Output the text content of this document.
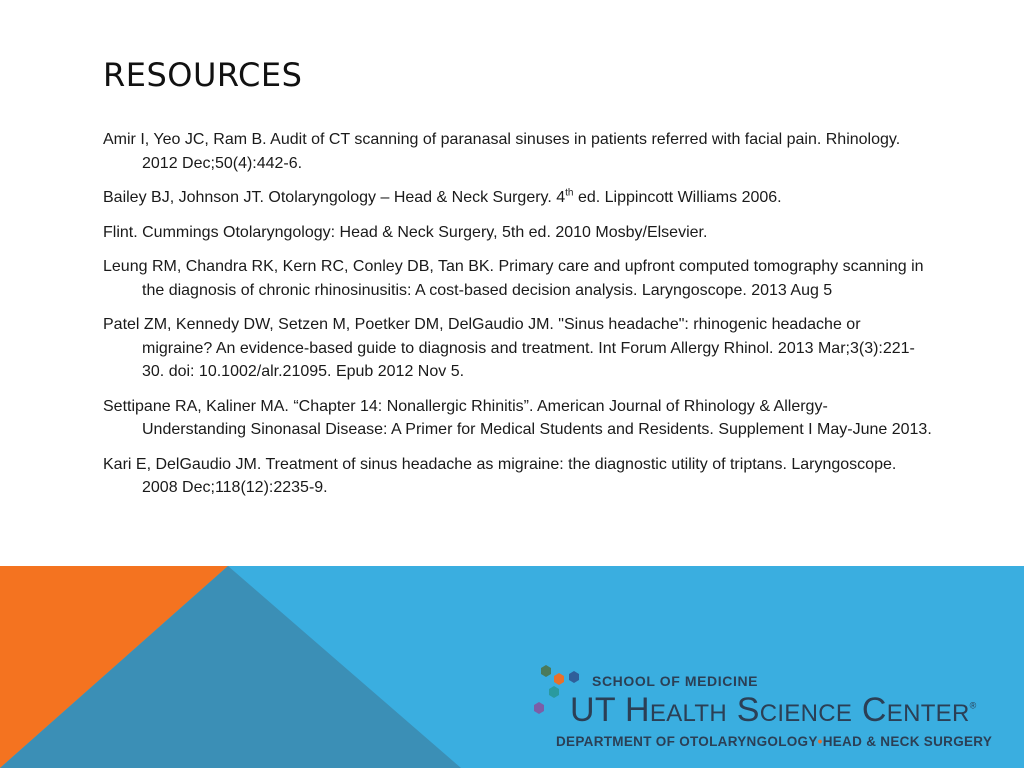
RESOURCES
Amir I, Yeo JC, Ram B. Audit of CT scanning of paranasal sinuses in patients referred with facial pain. Rhinology. 2012 Dec;50(4):442-6.
Bailey BJ, Johnson JT. Otolaryngology – Head & Neck Surgery. 4th ed. Lippincott Williams 2006.
Flint. Cummings Otolaryngology: Head & Neck Surgery, 5th ed. 2010 Mosby/Elsevier.
Leung RM, Chandra RK, Kern RC, Conley DB, Tan BK. Primary care and upfront computed tomography scanning in the diagnosis of chronic rhinosinusitis: A cost-based decision analysis. Laryngoscope. 2013 Aug 5
Patel ZM, Kennedy DW, Setzen M, Poetker DM, DelGaudio JM. "Sinus headache": rhinogenic headache or migraine? An evidence-based guide to diagnosis and treatment. Int Forum Allergy Rhinol. 2013 Mar;3(3):221-30. doi: 10.1002/alr.21095. Epub 2012 Nov 5.
Settipane RA, Kaliner MA. “Chapter 14: Nonallergic Rhinitis”. American Journal of Rhinology & Allergy- Understanding Sinonasal Disease: A Primer for Medical Students and Residents. Supplement I May-June 2013.
Kari E, DelGaudio JM. Treatment of sinus headache as migraine: the diagnostic utility of triptans. Laryngoscope. 2008 Dec;118(12):2235-9.
SCHOOL OF MEDICINE
UT Health Science Center®
DEPARTMENT OF OTOLARYNGOLOGY•HEAD & NECK SURGERY
